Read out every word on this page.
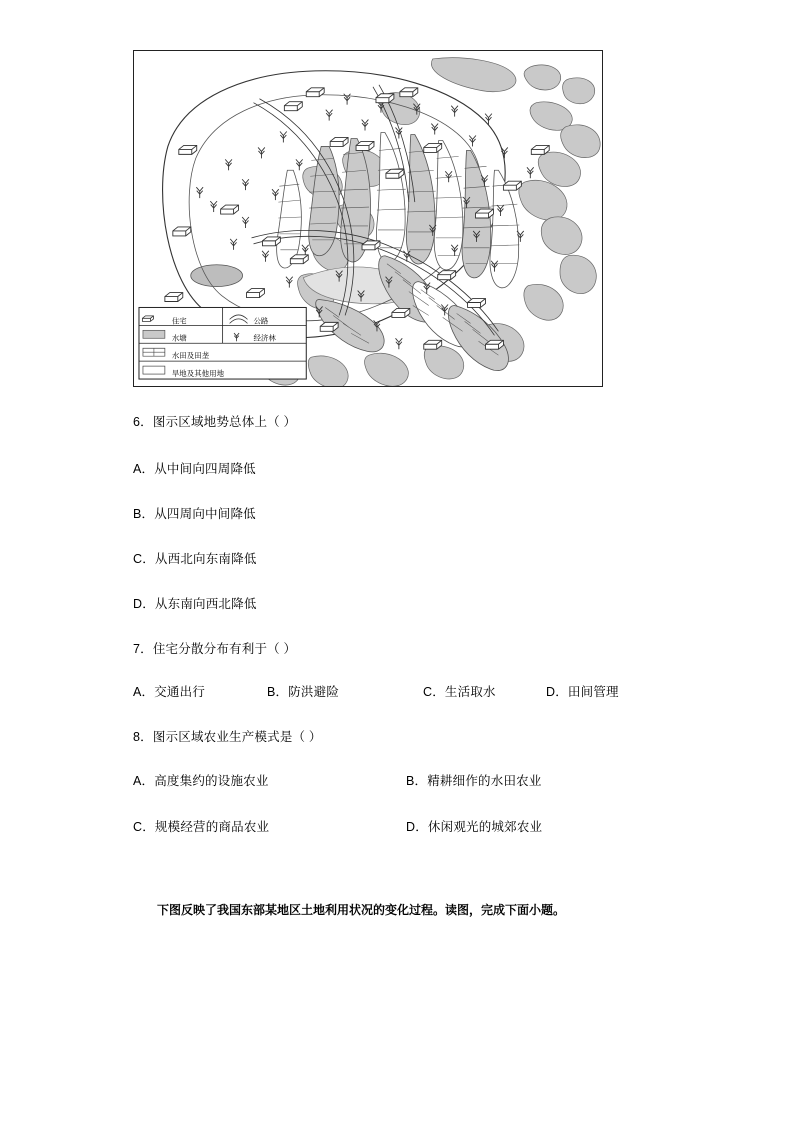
住宅	公路
水塘	经济林
水田及田垄
旱地及其他用地
6．图示区域地势总体上（ ）
A．从中间向四周降低
B．从四周向中间降低
C．从西北向东南降低
D．从东南向西北降低
7．住宅分散分布有利于（ ）
A．交通出行	B．防洪避险	C．生活取水	D．田间管理
8．图示区域农业生产模式是（ ）
A．高度集约的设施农业	B．精耕细作的水田农业
C．规模经营的商品农业	D．休闲观光的城郊农业
下图反映了我国东部某地区土地利用状况的变化过程。读图，完成下面小题。
